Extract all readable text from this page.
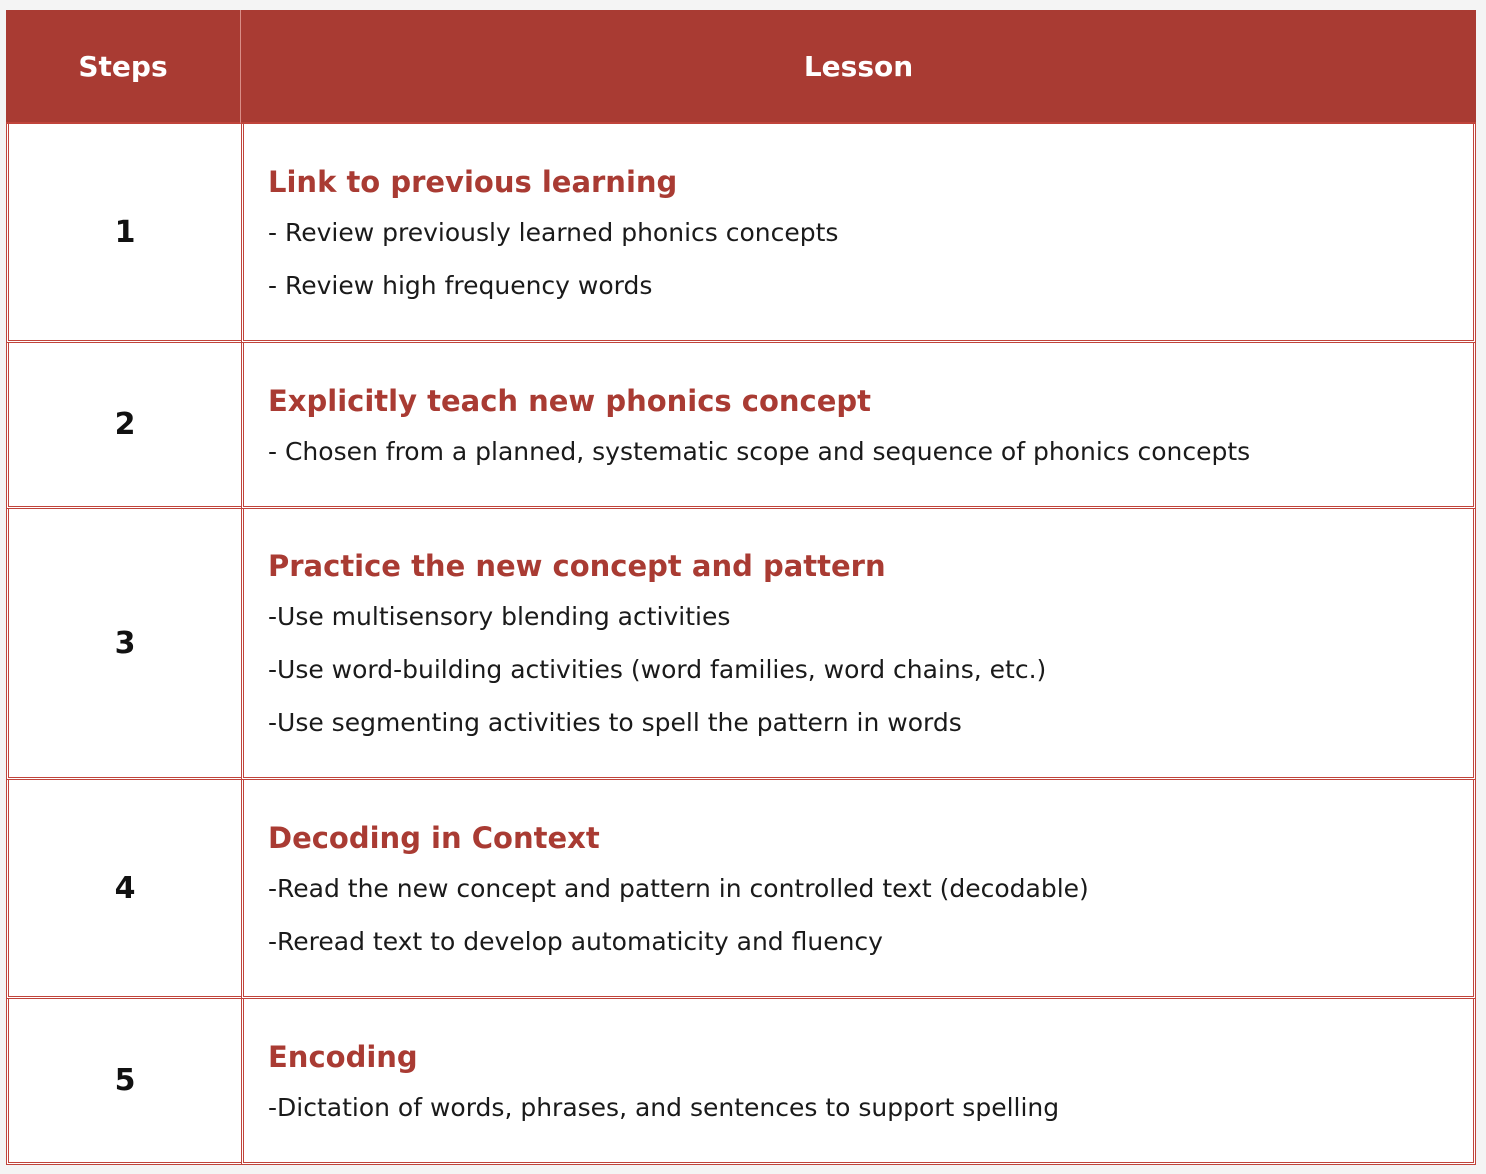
Steps	Lesson
1	Link to previous learning
- Review previously learned phonics concepts
- Review high frequency words

2	Explicitly teach new phonics concept
- Chosen from a planned, systematic scope and sequence of phonics concepts

3	Practice the new concept and pattern
-Use multisensory blending activities
-Use word-building activities (word families, word chains, etc.)
-Use segmenting activities to spell the pattern in words

4	Decoding in Context
-Read the new concept and pattern in controlled text (decodable)
-Reread text to develop automaticity and fluency

5	Encoding
-Dictation of words, phrases, and sentences to support spelling
